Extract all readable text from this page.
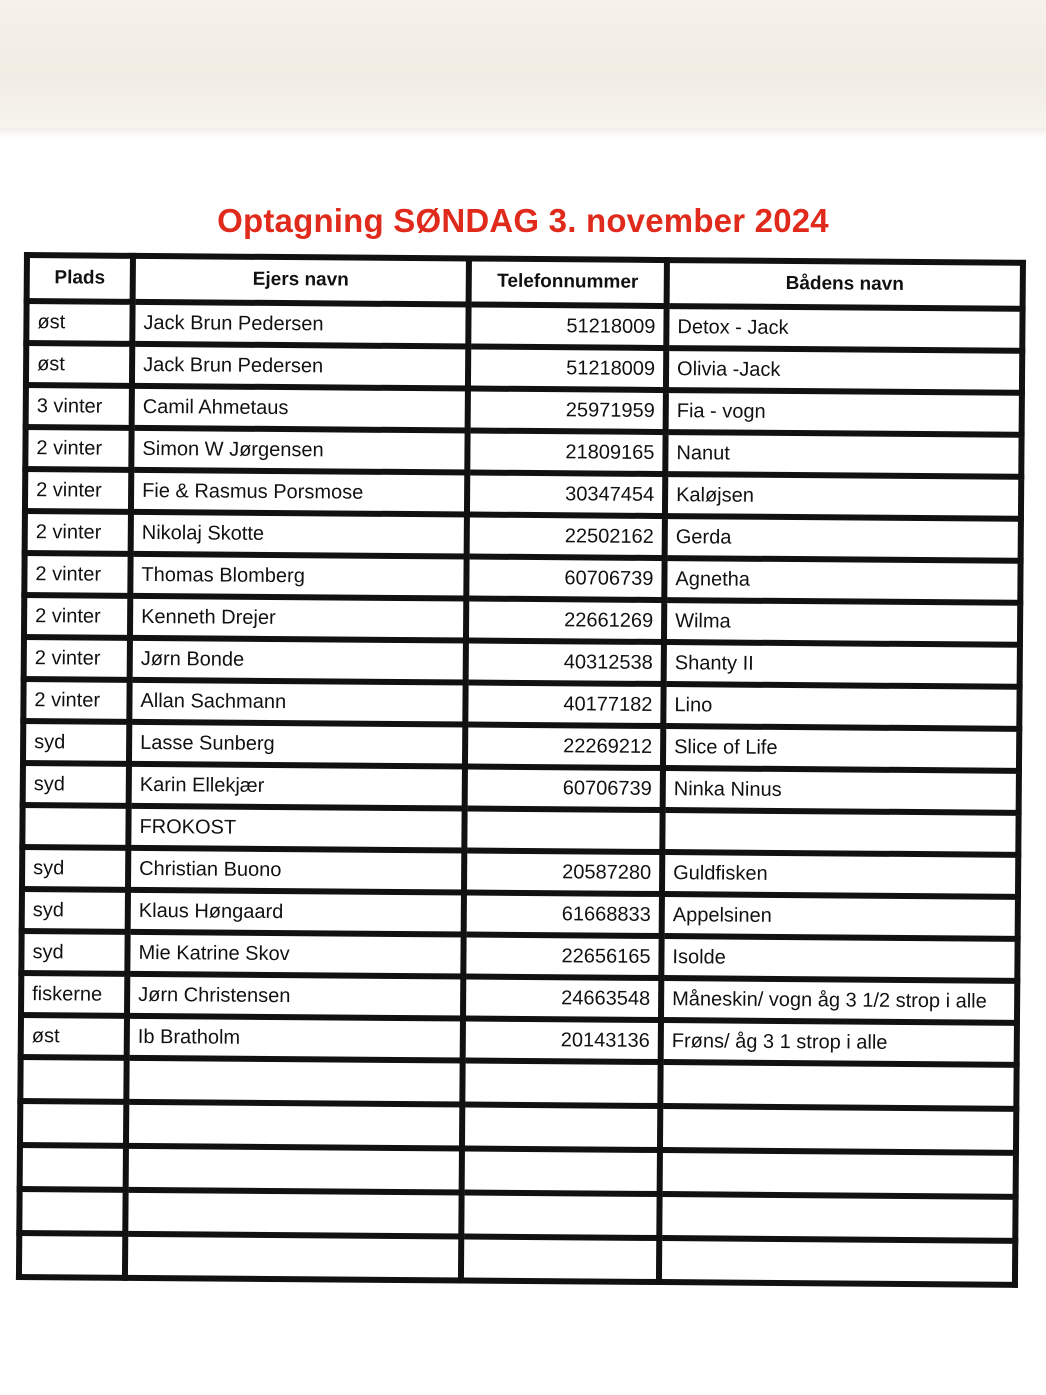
Optagning SØNDAG 3. november 2024
Plads	Ejers navn	Telefonnummer	Bådens navn
øst	Jack Brun Pedersen	51218009	Detox - Jack
øst	Jack Brun Pedersen	51218009	Olivia -Jack
3 vinter	Camil Ahmetaus	25971959	Fia - vogn
2 vinter	Simon W Jørgensen	21809165	Nanut
2 vinter	Fie & Rasmus Porsmose	30347454	Kaløjsen
2 vinter	Nikolaj Skotte	22502162	Gerda
2 vinter	Thomas Blomberg	60706739	Agnetha
2 vinter	Kenneth Drejer	22661269	Wilma
2 vinter	Jørn Bonde	40312538	Shanty II
2 vinter	Allan Sachmann	40177182	Lino
syd	Lasse Sunberg	22269212	Slice of Life
syd	Karin Ellekjær	60706739	Ninka Ninus
	FROKOST		
syd	Christian Buono	20587280	Guldfisken
syd	Klaus Høngaard	61668833	Appelsinen
syd	Mie Katrine Skov	22656165	Isolde
fiskerne	Jørn Christensen	24663548	Måneskin/ vogn åg 3 1/2 strop i alle
øst	Ib Bratholm	20143136	Frøns/ åg 3 1 strop i alle
